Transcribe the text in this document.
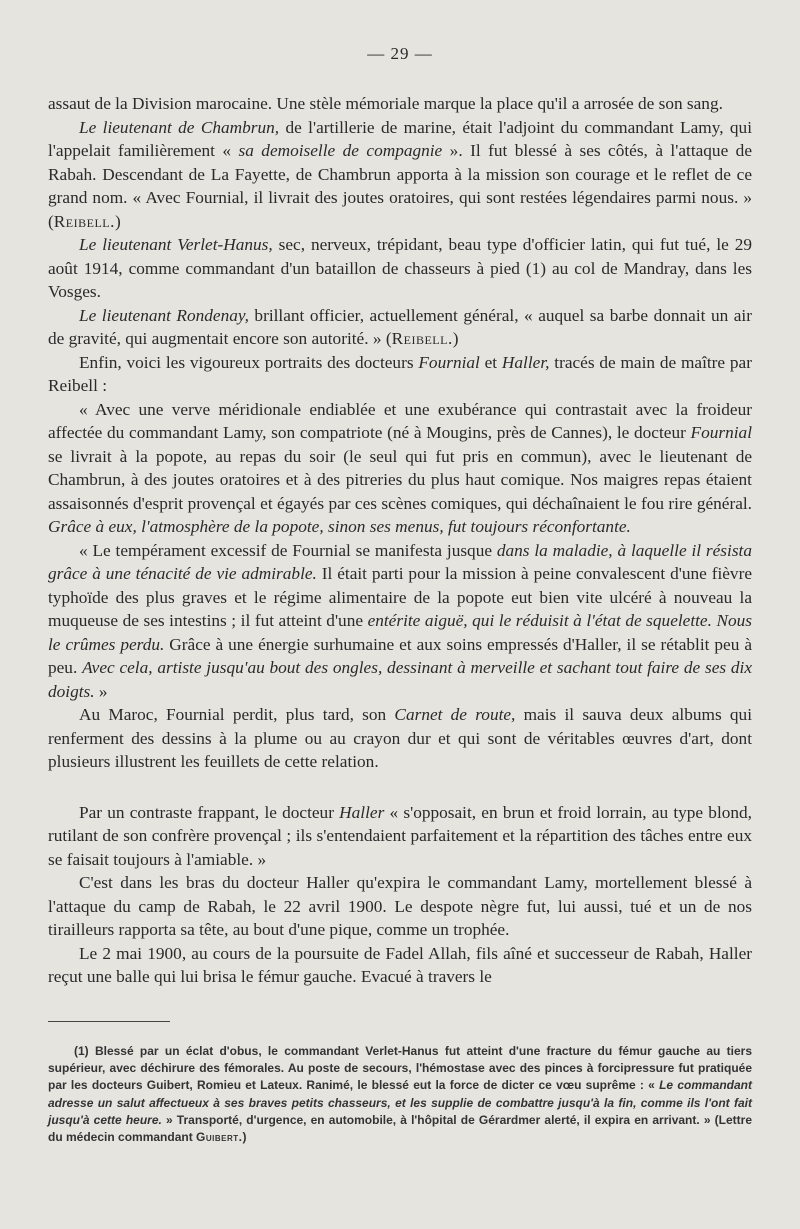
— 29 —

assaut de la Division marocaine. Une stèle mémoriale marque la place qu'il a arrosée de son sang.

Le lieutenant de Chambrun, de l'artillerie de marine, était l'adjoint du commandant Lamy, qui l'appelait familièrement « sa demoiselle de compagnie ». Il fut blessé à ses côtés, à l'attaque de Rabah. Descendant de La Fayette, de Chambrun apporta à la mission son courage et le reflet de ce grand nom. « Avec Fournial, il livrait des joutes oratoires, qui sont restées légendaires parmi nous. » (Reibell.)

Le lieutenant Verlet-Hanus, sec, nerveux, trépidant, beau type d'officier latin, qui fut tué, le 29 août 1914, comme commandant d'un bataillon de chasseurs à pied (1) au col de Mandray, dans les Vosges.

Le lieutenant Rondenay, brillant officier, actuellement général, « auquel sa barbe donnait un air de gravité, qui augmentait encore son autorité. » (Reibell.)

Enfin, voici les vigoureux portraits des docteurs Fournial et Haller, tracés de main de maître par Reibell :

« Avec une verve méridionale endiablée et une exubérance qui contrastait avec la froideur affectée du commandant Lamy, son compatriote (né à Mougins, près de Cannes), le docteur Fournial se livrait à la popote, au repas du soir (le seul qui fut pris en commun), avec le lieutenant de Chambrun, à des joutes oratoires et à des pitreries du plus haut comique. Nos maigres repas étaient assaisonnés d'esprit provençal et égayés par ces scènes comiques, qui déchaînaient le fou rire général. Grâce à eux, l'atmosphère de la popote, sinon ses menus, fut toujours réconfortante.

« Le tempérament excessif de Fournial se manifesta jusque dans la maladie, à laquelle il résista grâce à une ténacité de vie admirable. Il était parti pour la mission à peine convalescent d'une fièvre typhoïde des plus graves et le régime alimentaire de la popote eut bien vite ulcéré à nouveau la muqueuse de ses intestins ; il fut atteint d'une entérite aiguë, qui le réduisit à l'état de squelette. Nous le crûmes perdu. Grâce à une énergie surhumaine et aux soins empressés d'Haller, il se rétablit peu à peu. Avec cela, artiste jusqu'au bout des ongles, dessinant à merveille et sachant tout faire de ses dix doigts. »

Au Maroc, Fournial perdit, plus tard, son Carnet de route, mais il sauva deux albums qui renferment des dessins à la plume ou au crayon dur et qui sont de véritables œuvres d'art, dont plusieurs illustrent les feuillets de cette relation.

Par un contraste frappant, le docteur Haller « s'opposait, en brun et froid lorrain, au type blond, rutilant de son confrère provençal ; ils s'entendaient parfaitement et la répartition des tâches entre eux se faisait toujours à l'amiable. »

C'est dans les bras du docteur Haller qu'expira le commandant Lamy, mortellement blessé à l'attaque du camp de Rabah, le 22 avril 1900. Le despote nègre fut, lui aussi, tué et un de nos tirailleurs rapporta sa tête, au bout d'une pique, comme un trophée.

Le 2 mai 1900, au cours de la poursuite de Fadel Allah, fils aîné et successeur de Rabah, Haller reçut une balle qui lui brisa le fémur gauche. Evacué à travers le

(1) Blessé par un éclat d'obus, le commandant Verlet-Hanus fut atteint d'une fracture du fémur gauche au tiers supérieur, avec déchirure des fémorales. Au poste de secours, l'hémostase avec des pinces à forcipressure fut pratiquée par les docteurs Guibert, Romieu et Lateux. Ranimé, le blessé eut la force de dicter ce vœu suprême : « Le commandant adresse un salut affectueux à ses braves petits chasseurs, et les supplie de combattre jusqu'à la fin, comme ils l'ont fait jusqu'à cette heure. » Transporté, d'urgence, en automobile, à l'hôpital de Gérardmer alerté, il expira en arrivant. » (Lettre du médecin commandant Guibert.)
